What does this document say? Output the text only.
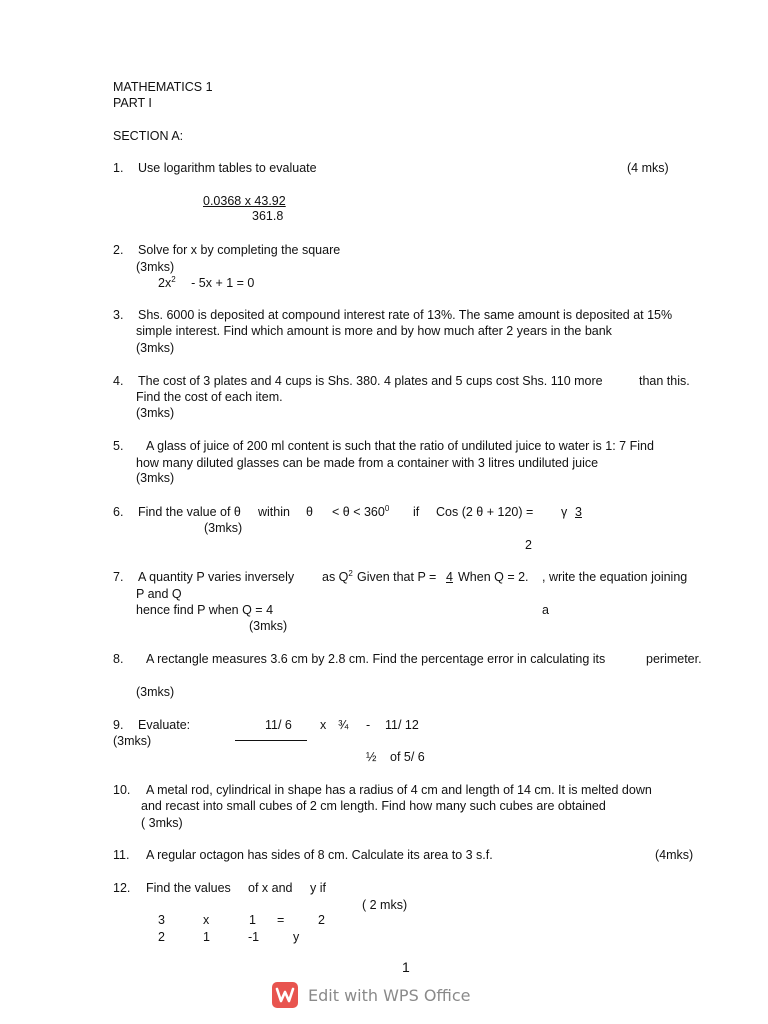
MATHEMATICS 1
PART I
SECTION A:
1. Use logarithm tables to evaluate	(4 mks)
0.0368 x 43.92
361.8
2. Solve for x by completing the square
(3mks)
$2x^2 - 5x + 1 = 0$
3. Shs. 6000 is deposited at compound interest rate of 13%. The same amount is deposited at 15%
simple interest. Find which amount is more and by how much after 2 years in the bank
(3mks)
4. The cost of 3 plates and 4 cups is Shs. 380. 4 plates and 5 cups cost Shs. 110 more	than this.
Find the cost of each item.
(3mks)
5. A glass of juice of 200 ml content is such that the ratio of undiluted juice to water is 1: 7 Find
how many diluted glasses can be made from a container with 3 litres undiluted juice
(3mks)
6. Find the value of θ within $\theta < \theta < 360^0$ if Cos (2 θ + 120) = γ 3
(3mks)
2
7. A quantity P varies inversely as $Q^2$ Given that P = 4 When Q = 2. , write the equation joining
P and Q
hence find P when Q = 4	a
(3mks)
8. A rectangle measures 3.6 cm by 2.8 cm. Find the percentage error in calculating its	perimeter.
(3mks)
9. Evaluate:	11/ 6 x ¾ - 11/ 12
(3mks)
½ of 5/ 6
10. A metal rod, cylindrical in shape has a radius of 4 cm and length of 14 cm. It is melted down
and recast into small cubes of 2 cm length. Find how many such cubes are obtained
( 3mks)
11. A regular octagon has sides of 8 cm. Calculate its area to 3 s.f.	(4mks)
12. Find the values of x and y if
( 2 mks)
3	x	1 =	2
2	1	-1	y
1
Edit with WPS Office
